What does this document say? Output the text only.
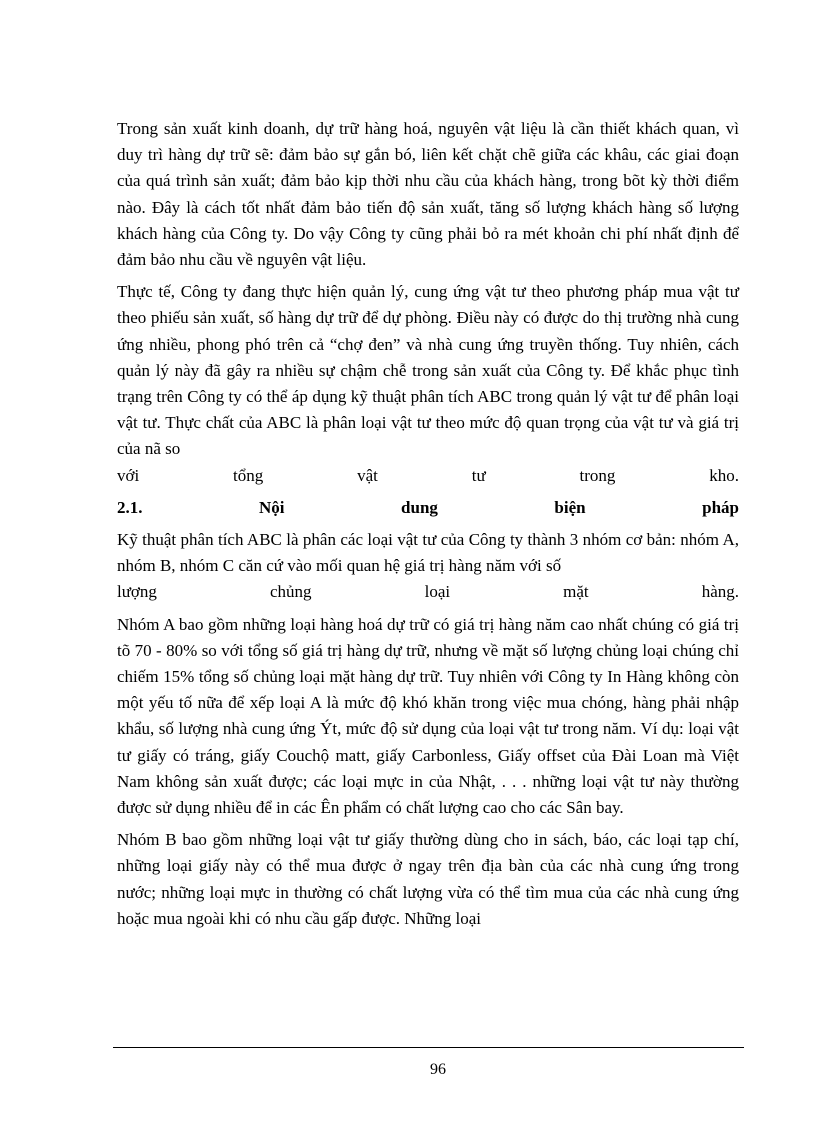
Trong sản xuất kinh doanh, dự trữ hàng hoá, nguyên vật liệu là cần thiết khách quan, vì duy trì hàng dự trữ sẽ: đảm bảo sự gắn bó, liên kết chặt chẽ giữa các khâu, các giai đoạn của quá trình sản xuất; đảm bảo kịp thời nhu cầu của khách hàng, trong bõt kỳ thời điểm nào. Đây là cách tốt nhất đảm bảo tiến độ sản xuất, tăng số lượng khách hàng số lượng khách hàng của Công ty. Do vậy Công ty cũng phải bỏ ra mét khoản chi phí nhất định để đảm bảo nhu cầu về nguyên vật liệu.

Thực tế, Công ty đang thực hiện quản lý, cung ứng vật tư theo phương pháp mua vật tư theo phiếu sản xuất, số hàng dự trữ để dự phòng. Điều này có được do thị trường nhà cung ứng nhiều, phong phó trên cả “chợ đen” và nhà cung ứng truyền thống. Tuy nhiên, cách quản lý này đã gây ra nhiều sự chậm chễ trong sản xuất của Công ty. Để khắc phục tình trạng trên Công ty có thể áp dụng kỹ thuật phân tích ABC trong quản lý vật tư để phân loại vật tư. Thực chất của ABC là phân loại vật tư theo mức độ quan trọng của vật tư và giá trị của nã so
với tổng vật tư trong kho.

2.1. Nội dung biện pháp

Kỹ thuật phân tích ABC là phân các loại vật tư của Công ty thành 3 nhóm cơ bản: nhóm A, nhóm B, nhóm C căn cứ vào mối quan hệ giá trị hàng năm với số
lượng chủng loại mặt hàng.

Nhóm A bao gồm những loại hàng hoá dự trữ có giá trị hàng năm cao nhất chúng có giá trị tõ 70 - 80% so với tổng số giá trị hàng dự trữ, nhưng về mặt số lượng chủng loại chúng chỉ chiếm 15% tổng số chủng loại mặt hàng dự trữ. Tuy nhiên với Công ty In Hàng không còn một yếu tố nữa để xếp loại A là mức độ khó khăn trong việc mua chóng, hàng phải nhập khẩu, số lượng nhà cung ứng Ýt, mức độ sử dụng của loại vật tư trong năm. Ví dụ: loại vật tư giấy có tráng, giấy Couchộ matt, giấy Carbonless, Giấy offset của Đài Loan mà Việt Nam không sản xuất được; các loại mực in của Nhật, . . . những loại vật tư này thường được sử dụng nhiều để in các Ên phẩm có chất lượng cao cho các Sân bay.

Nhóm B bao gồm những loại vật tư giấy thường dùng cho in sách, báo, các loại tạp chí, những loại giấy này có thể mua được ở ngay trên địa bàn của các nhà cung ứng trong nước; những loại mực in thường có chất lượng vừa có thể tìm mua của các nhà cung ứng hoặc mua ngoài khi có nhu cầu gấp được. Những loại

96
